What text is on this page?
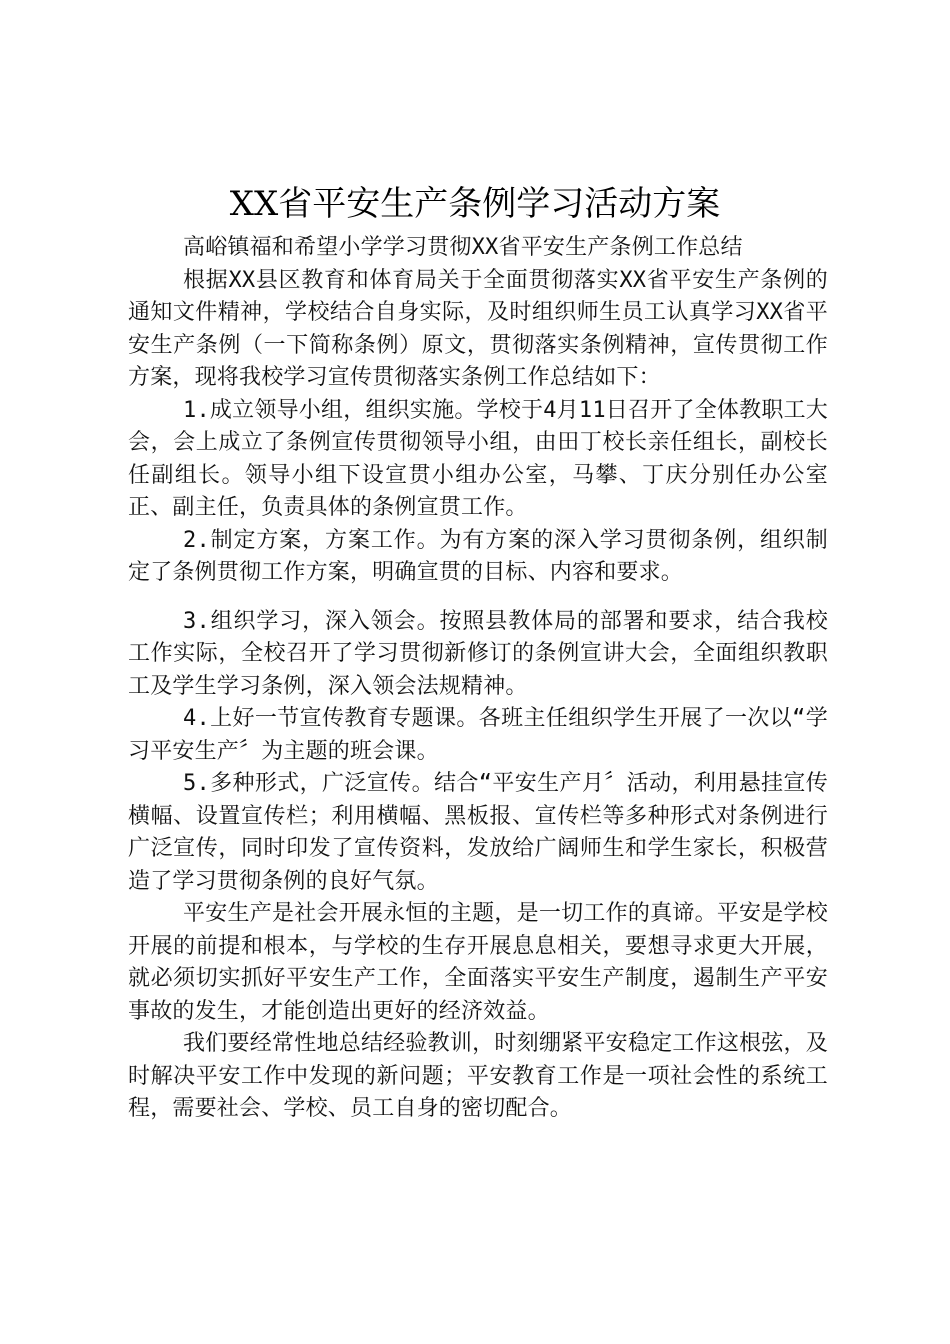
XX省平安生产条例学习活动方案

高峪镇福和希望小学学习贯彻XX省平安生产条例工作总结

根据XX县区教育和体育局关于全面贯彻落实XX省平安生产条例的通知文件精神，学校结合自身实际，及时组织师生员工认真学习XX省平安生产条例（一下简称条例）原文，贯彻落实条例精神，宣传贯彻工作方案，现将我校学习宣传贯彻落实条例工作总结如下：

1.成立领导小组，组织实施。学校于4月11日召开了全体教职工大会，会上成立了条例宣传贯彻领导小组，由田丁校长亲任组长，副校长任副组长。领导小组下设宣贯小组办公室，马攀、丁庆分别任办公室正、副主任，负责具体的条例宣贯工作。

2.制定方案，方案工作。为有方案的深入学习贯彻条例，组织制定了条例贯彻工作方案，明确宣贯的目标、内容和要求。

3.组织学习，深入领会。按照县教体局的部署和要求，结合我校工作实际，全校召开了学习贯彻新修订的条例宣讲大会，全面组织教职工及学生学习条例，深入领会法规精神。

4.上好一节宣传教育专题课。各班主任组织学生开展了一次以“学习平安生产〞为主题的班会课。

5.多种形式，广泛宣传。结合“平安生产月〞活动，利用悬挂宣传横幅、设置宣传栏；利用横幅、黑板报、宣传栏等多种形式对条例进行广泛宣传，同时印发了宣传资料，发放给广阔师生和学生家长，积极营造了学习贯彻条例的良好气氛。

平安生产是社会开展永恒的主题，是一切工作的真谛。平安是学校开展的前提和根本，与学校的生存开展息息相关，要想寻求更大开展，就必须切实抓好平安生产工作，全面落实平安生产制度，遏制生产平安事故的发生，才能创造出更好的经济效益。

我们要经常性地总结经验教训，时刻绷紧平安稳定工作这根弦，及时解决平安工作中发现的新问题；平安教育工作是一项社会性的系统工程，需要社会、学校、员工自身的密切配合。
